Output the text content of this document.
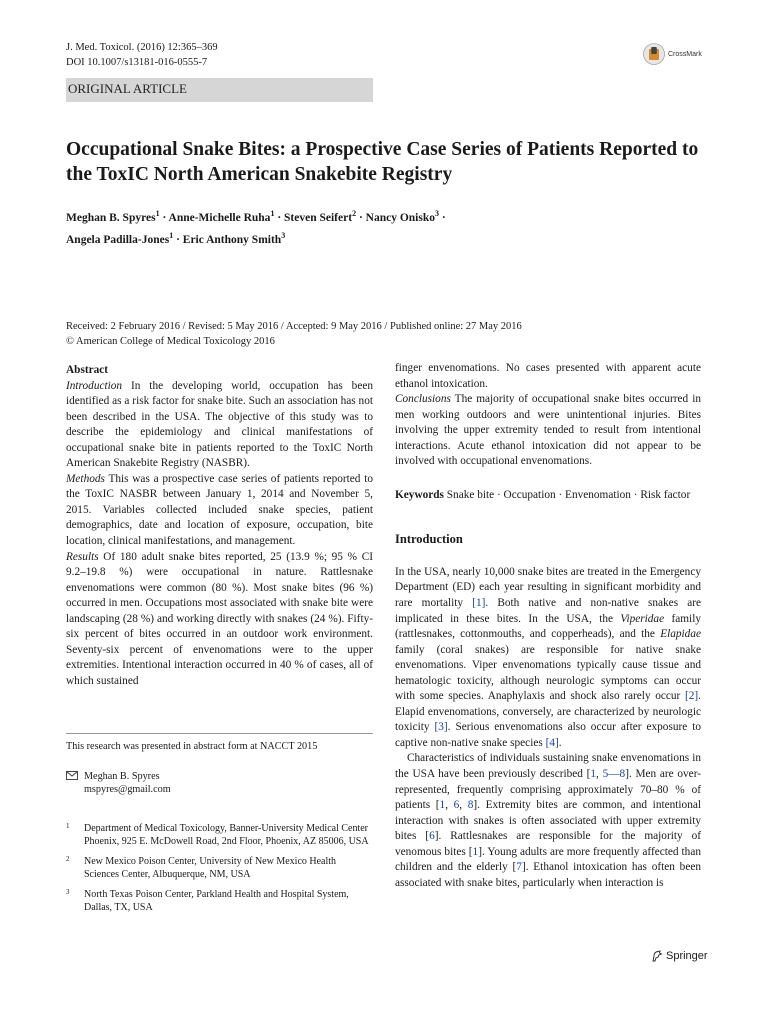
J. Med. Toxicol. (2016) 12:365–369
DOI 10.1007/s13181-016-0555-7
CrossMark
ORIGINAL ARTICLE
Occupational Snake Bites: a Prospective Case Series of Patients Reported to the ToxIC North American Snakebite Registry
Meghan B. Spyres$^1$ · Anne-Michelle Ruha$^1$ · Steven Seifert$^2$ · Nancy Onisko$^3$ ·
Angela Padilla-Jones$^1$ · Eric Anthony Smith$^3$
Received: 2 February 2016 / Revised: 5 May 2016 / Accepted: 9 May 2016 / Published online: 27 May 2016
© American College of Medical Toxicology 2016

Abstract

Introduction In the developing world, occupation has been identified as a risk factor for snake bite. Such an association has not been described in the USA. The objective of this study was to describe the epidemiology and clinical manifestations of occupational snake bite in patients reported to the ToxIC North American Snakebite Registry (NASBR).

Methods This was a prospective case series of patients reported to the ToxIC NASBR between January 1, 2014 and November 5, 2015. Variables collected included snake species, patient demographics, date and location of exposure, occupation, bite location, clinical manifestations, and management.

Results Of 180 adult snake bites reported, 25 (13.9 %; 95 % CI 9.2–19.8 %) were occupational in nature. Rattlesnake envenomations were common (80 %). Most snake bites (96 %) occurred in men. Occupations most associated with snake bite were landscaping (28 %) and working directly with snakes (24 %). Fifty-six percent of bites occurred in an outdoor work environment. Seventy-six percent of envenomations were to the upper extremities. Intentional interaction occurred in 40 % of cases, all of which sustained

This research was presented in abstract form at NACCT 2015
Meghan B. Spyres
mspyres@gmail.com
1	Department of Medical Toxicology, Banner-University Medical Center Phoenix, 925 E. McDowell Road, 2nd Floor, Phoenix, AZ 85006, USA
2	New Mexico Poison Center, University of New Mexico Health Sciences Center, Albuquerque, NM, USA
3	North Texas Poison Center, Parkland Health and Hospital System, Dallas, TX, USA

finger envenomations. No cases presented with apparent acute ethanol intoxication.

Conclusions The majority of occupational snake bites occurred in men working outdoors and were unintentional injuries. Bites involving the upper extremity tended to result from intentional interactions. Acute ethanol intoxication did not appear to be involved with occupational envenomations.

Keywords Snake bite · Occupation · Envenomation · Risk factor

Introduction

In the USA, nearly 10,000 snake bites are treated in the Emergency Department (ED) each year resulting in significant morbidity and rare mortality [1]. Both native and non-native snakes are implicated in these bites. In the USA, the Viperidae family (rattlesnakes, cottonmouths, and copperheads), and the Elapidae family (coral snakes) are responsible for native snake envenomations. Viper envenomations typically cause tissue and hematologic toxicity, although neurologic symptoms can occur with some species. Anaphylaxis and shock also rarely occur [2]. Elapid envenomations, conversely, are characterized by neurologic toxicity [3]. Serious envenomations also occur after exposure to captive non-native snake species [4].

Characteristics of individuals sustaining snake envenomations in the USA have been previously described [1, 5—8]. Men are over-represented, frequently comprising approximately 70–80 % of patients [1, 6, 8]. Extremity bites are common, and intentional interaction with snakes is often associated with upper extremity bites [6]. Rattlesnakes are responsible for the majority of venomous bites [1]. Young adults are more frequently affected than children and the elderly [7]. Ethanol intoxication has often been associated with snake bites, particularly when interaction is

Springer
